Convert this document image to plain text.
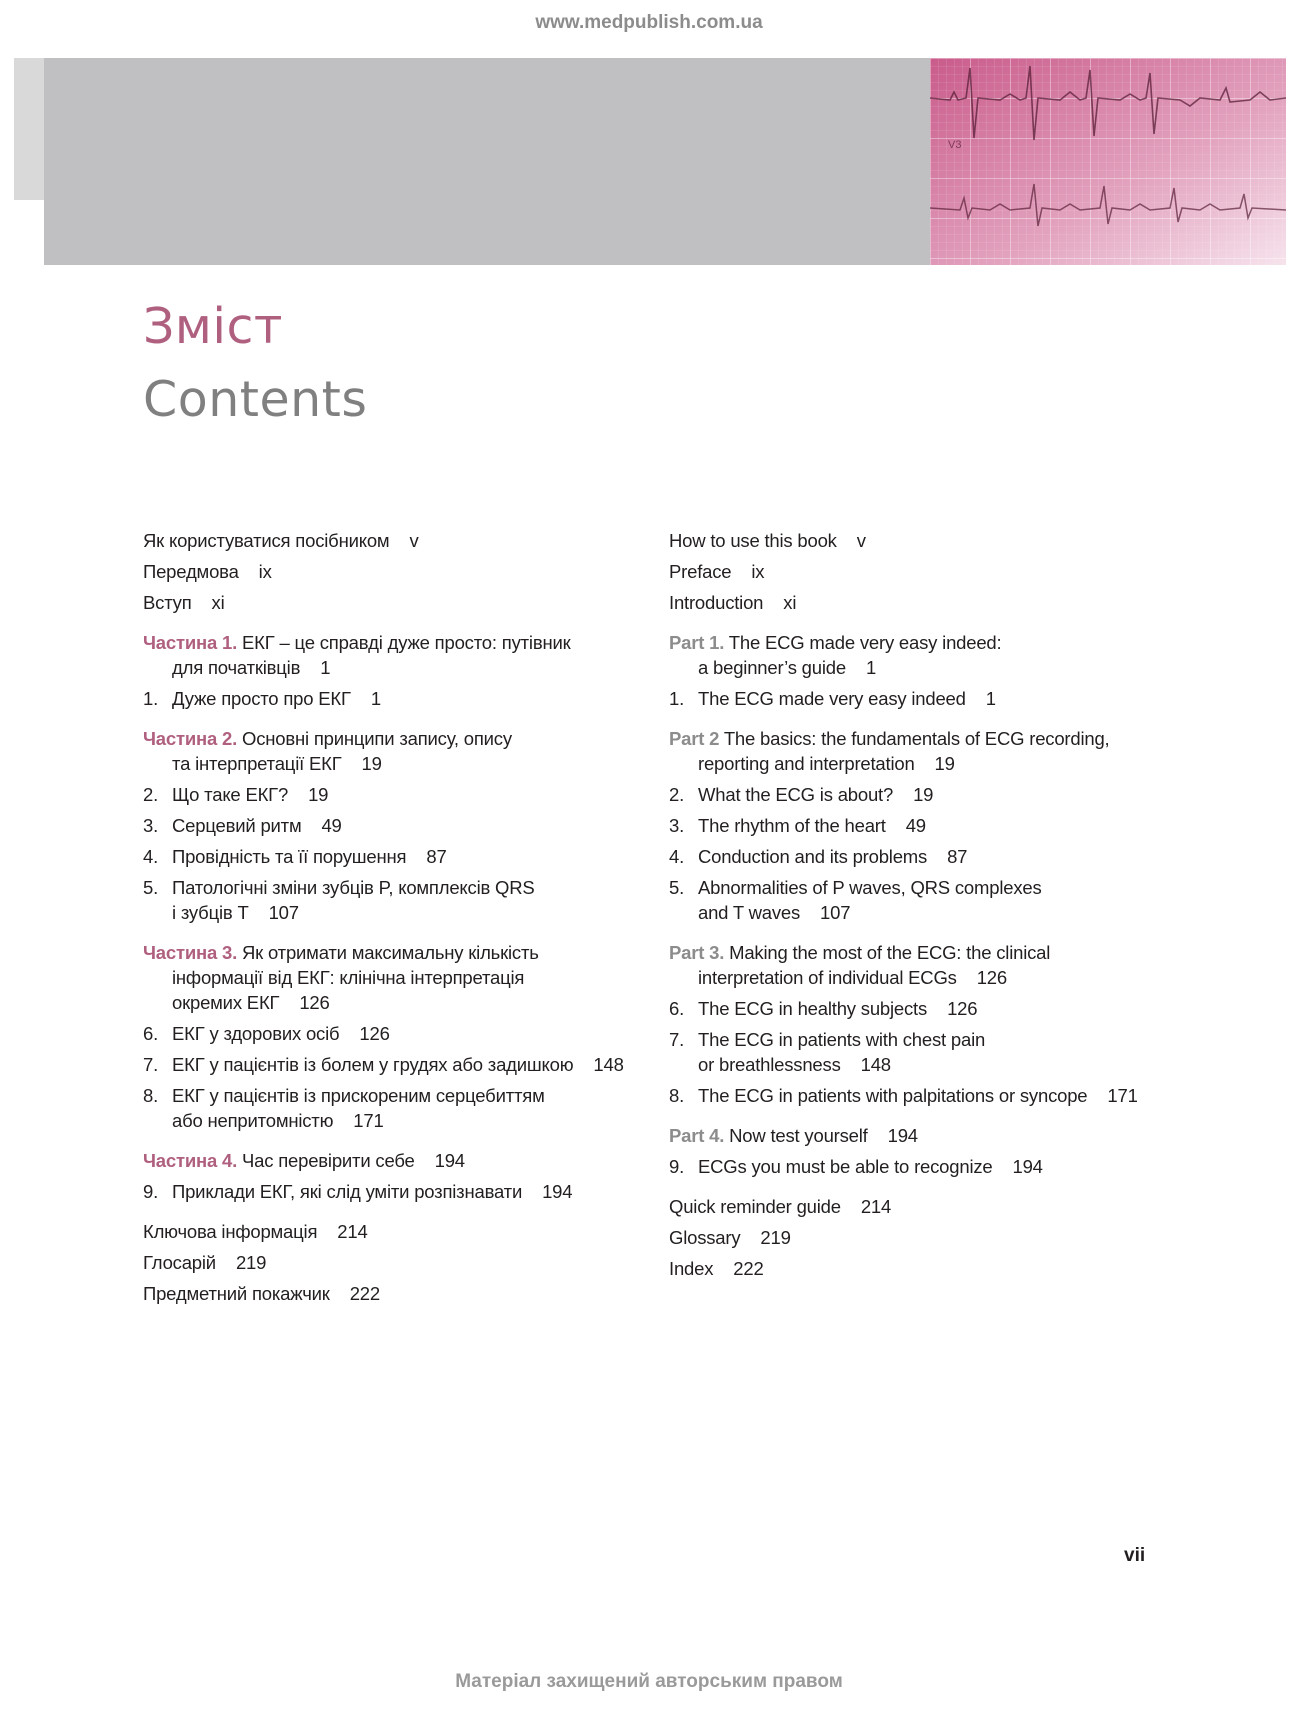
www.medpublish.com.ua
V3
Зміст
Contents
Як користуватися посібником v
Передмова ix
Вступ xi
Частина 1. ЕКГ – це справді дуже просто: путівник
для початківців 1
1. Дуже просто про ЕКГ 1
Частина 2. Основні принципи запису, опису
та інтерпретації ЕКГ 19
2. Що таке ЕКГ? 19
3. Серцевий ритм 49
4. Провідність та її порушення 87
5. Патологічні зміни зубців P, комплексів QRS
і зубців T 107
Частина 3. Як отримати максимальну кількість
інформації від ЕКГ: клінічна інтерпретація
окремих ЕКГ 126
6. ЕКГ у здорових осіб 126
7. ЕКГ у пацієнтів із болем у грудях або задишкою 148
8. ЕКГ у пацієнтів із прискореним серцебиттям
або непритомністю 171
Частина 4. Час перевірити себе 194
9. Приклади ЕКГ, які слід уміти розпізнавати 194
Ключова інформація 214
Глосарій 219
Предметний покажчик 222
How to use this book v
Preface ix
Introduction xi
Part 1. The ECG made very easy indeed:
a beginner’s guide 1
1. The ECG made very easy indeed 1
Part 2 The basics: the fundamentals of ECG recording,
reporting and interpretation 19
2. What the ECG is about? 19
3. The rhythm of the heart 49
4. Conduction and its problems 87
5. Abnormalities of P waves, QRS complexes
and T waves 107
Part 3. Making the most of the ECG: the clinical
interpretation of individual ECGs 126
6. The ECG in healthy subjects 126
7. The ECG in patients with chest pain
or breathlessness 148
8. The ECG in patients with palpitations or syncope 171
Part 4. Now test yourself 194
9. ECGs you must be able to recognize 194
Quick reminder guide 214
Glossary 219
Index 222
vii
Матеріал захищений авторським правом
